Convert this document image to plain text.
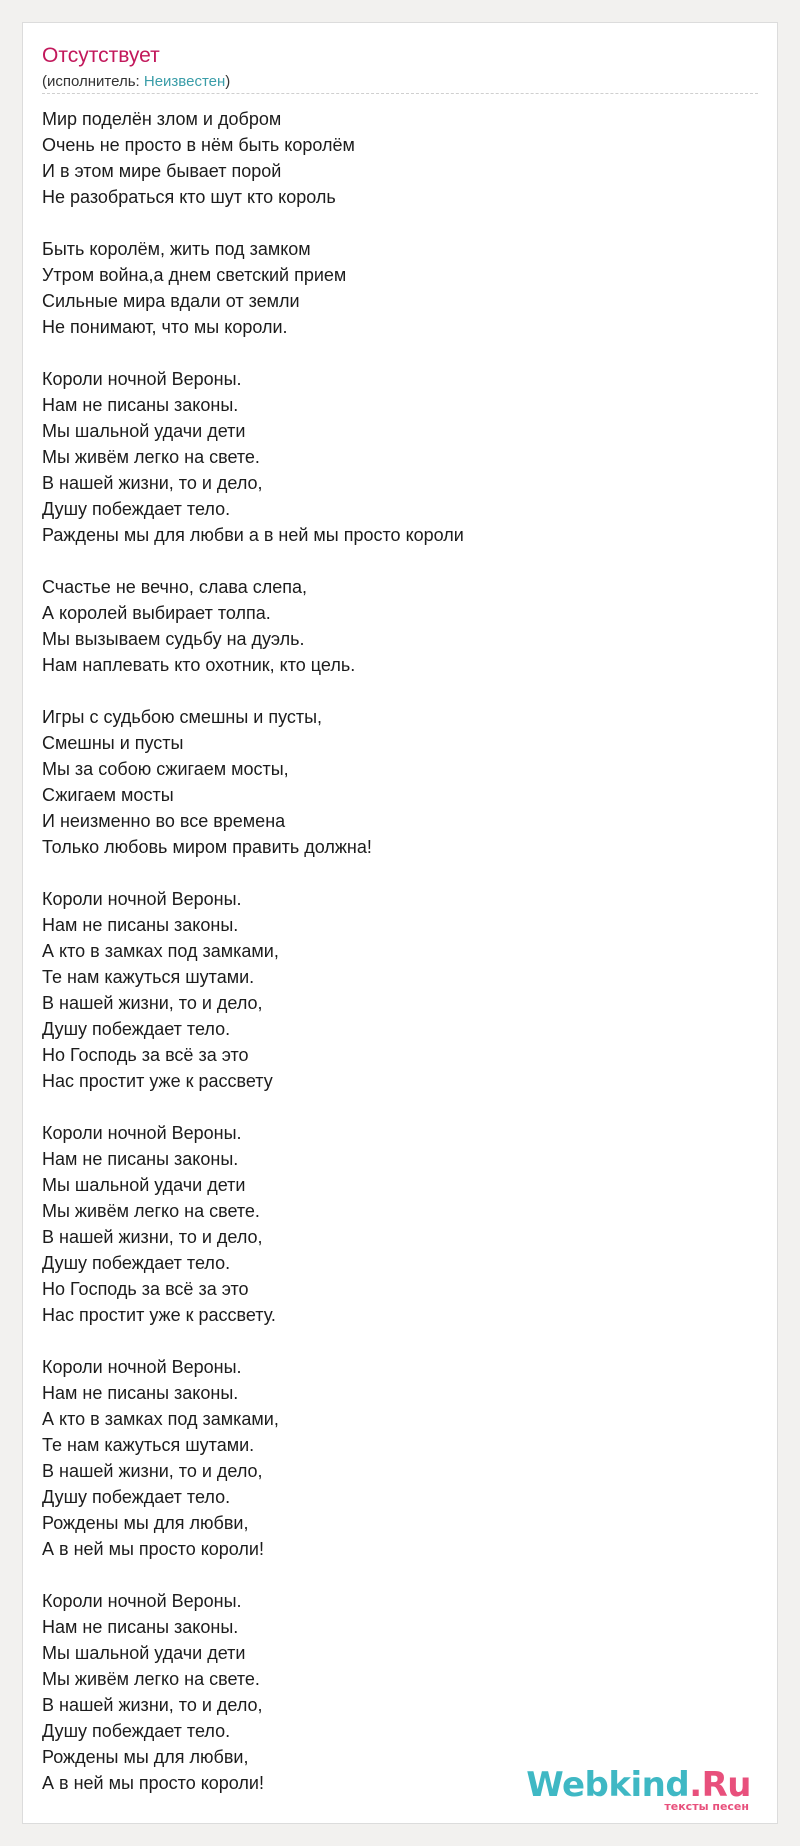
Отсутствует
(исполнитель: Неизвестен)
Мир поделён злом и добром
Очень не просто в нём быть королём
И в этом мире бывает порой
Не разобраться кто шут кто король
Быть королём, жить под замком
Утром война,а днем светский прием
Сильные мира вдали от земли
Не понимают, что мы короли.
Короли ночной Вероны.
Нам не писаны законы.
Мы шальной удачи дети
Мы живём легко на свете.
В нашей жизни, то и дело,
Душу побеждает тело.
Раждены мы для любви а в ней мы просто короли
Счастье не вечно, слава слепа,
А королей выбирает толпа.
Мы вызываем судьбу на дуэль.
Нам наплевать кто охотник, кто цель.
Игры с судьбою смешны и пусты,
Смешны и пусты
Мы за собою сжигаем мосты,
Сжигаем мосты
И неизменно во все времена
Только любовь миром править должна!
Короли ночной Вероны.
Нам не писаны законы.
А кто в замках под замками,
Те нам кажуться шутами.
В нашей жизни, то и дело,
Душу побеждает тело.
Но Господь за всё за это
Нас простит уже к рассвету
Короли ночной Вероны.
Нам не писаны законы.
Мы шальной удачи дети
Мы живём легко на свете.
В нашей жизни, то и дело,
Душу побеждает тело.
Но Господь за всё за это
Нас простит уже к рассвету.
Короли ночной Вероны.
Нам не писаны законы.
А кто в замках под замками,
Те нам кажуться шутами.
В нашей жизни, то и дело,
Душу побеждает тело.
Рождены мы для любви,
А в ней мы просто короли!
Короли ночной Вероны.
Нам не писаны законы.
Мы шальной удачи дети
Мы живём легко на свете.
В нашей жизни, то и дело,
Душу побеждает тело.
Рождены мы для любви,
А в ней мы просто короли!	Webkind.Ru
тексты песен
